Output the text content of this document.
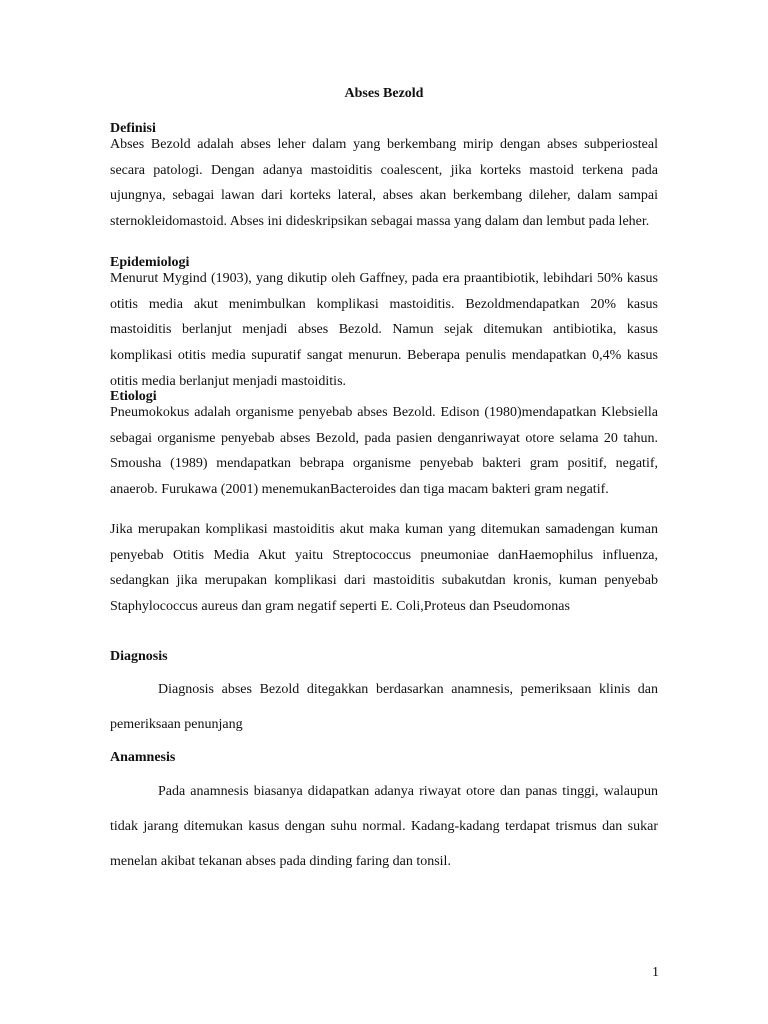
Abses Bezold
Definisi

Abses Bezold adalah abses leher dalam yang berkembang mirip dengan abses subperiosteal secara patologi. Dengan adanya mastoiditis coalescent, jika korteks mastoid terkena pada ujungnya, sebagai lawan dari korteks lateral, abses akan berkembang dileher, dalam sampai sternokleidomastoid. Abses ini dideskripsikan sebagai massa yang dalam dan lembut pada leher.

Epidemiologi

Menurut Mygind (1903), yang dikutip oleh Gaffney, pada era praantibiotik, lebihdari 50% kasus otitis media akut menimbulkan komplikasi mastoiditis. Bezoldmendapatkan 20% kasus mastoiditis berlanjut menjadi abses Bezold. Namun sejak ditemukan antibiotika, kasus komplikasi otitis media supuratif sangat menurun. Beberapa penulis mendapatkan 0,4% kasus otitis media berlanjut menjadi mastoiditis.

Etiologi

Pneumokokus adalah organisme penyebab abses Bezold. Edison (1980)mendapatkan Klebsiella sebagai organisme penyebab abses Bezold, pada pasien denganriwayat otore selama 20 tahun. Smousha (1989) mendapatkan bebrapa organisme penyebab bakteri gram positif, negatif, anaerob. Furukawa (2001) menemukanBacteroides dan tiga macam bakteri gram negatif.

Jika merupakan komplikasi mastoiditis akut maka kuman yang ditemukan samadengan kuman penyebab Otitis Media Akut yaitu Streptococcus pneumoniae danHaemophilus influenza, sedangkan jika merupakan komplikasi dari mastoiditis subakutdan kronis, kuman penyebab Staphylococcus aureus dan gram negatif seperti E. Coli,Proteus dan Pseudomonas

Diagnosis

Diagnosis abses Bezold ditegakkan berdasarkan anamnesis, pemeriksaan klinis dan pemeriksaan penunjang

Anamnesis

Pada anamnesis biasanya didapatkan adanya riwayat otore dan panas tinggi, walaupun tidak jarang ditemukan kasus dengan suhu normal. Kadang-kadang terdapat trismus dan sukar menelan akibat tekanan abses pada dinding faring dan tonsil.

1
